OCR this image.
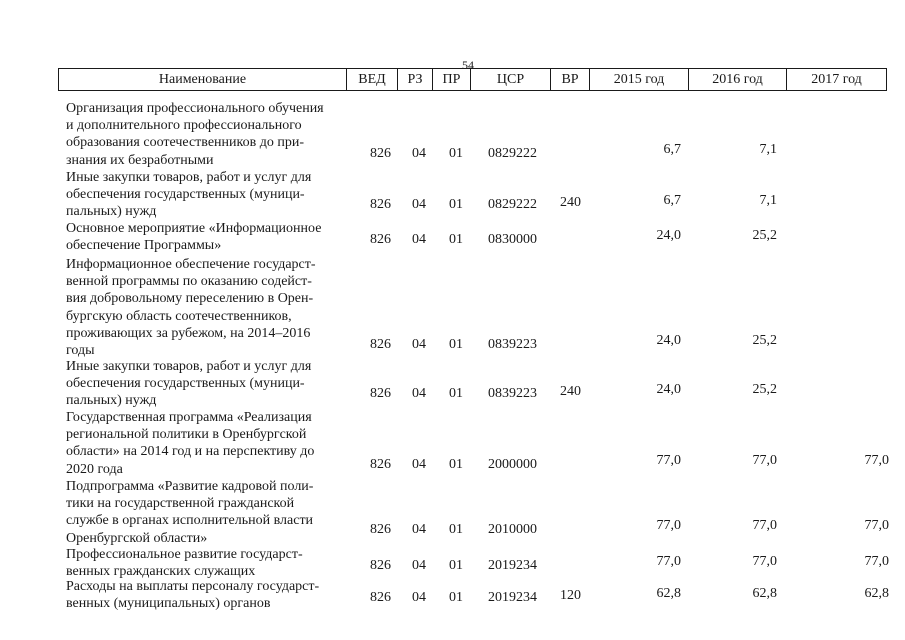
54
Наименование	ВЕД	РЗ	ПР	ЦСР	ВР	2015 год	2016 год	2017 год
Организация профессионального обучения
и дополнительного профессионального
образования соотечественников до при-
знания их безработными	826 04 01 0829222	6,7	7,1
Иные закупки товаров, работ и услуг для
обеспечения государственных (муници-
пальных) нужд	826 04 01 0829222 240	6,7	7,1
Основное мероприятие «Информационное
обеспечение Программы»	826 04 01 0830000	24,0	25,2
Информационное обеспечение государст-
венной программы по оказанию содейст-
вия добровольному переселению в Орен-
бургскую область соотечественников,
проживающих за рубежом, на 2014–2016
годы	826 04 01 0839223	24,0	25,2
Иные закупки товаров, работ и услуг для
обеспечения государственных (муници-
пальных) нужд	826 04 01 0839223 240	24,0	25,2
Государственная программа «Реализация
региональной политики в Оренбургской
области» на 2014 год и на перспективу до
2020 года	826 04 01 2000000	77,0	77,0	77,0
Подпрограмма «Развитие кадровой поли-
тики на государственной гражданской
службе в органах исполнительной власти
Оренбургской области»
826 04 01 2010000	77,0	77,0	77,0
Профессиональное развитие государст-
венных гражданских служащих	826 04 01 2019234	77,0	77,0	77,0
Расходы на выплаты персоналу государст-
венных (муниципальных) органов	826 04 01 2019234 120	62,8	62,8	62,8
